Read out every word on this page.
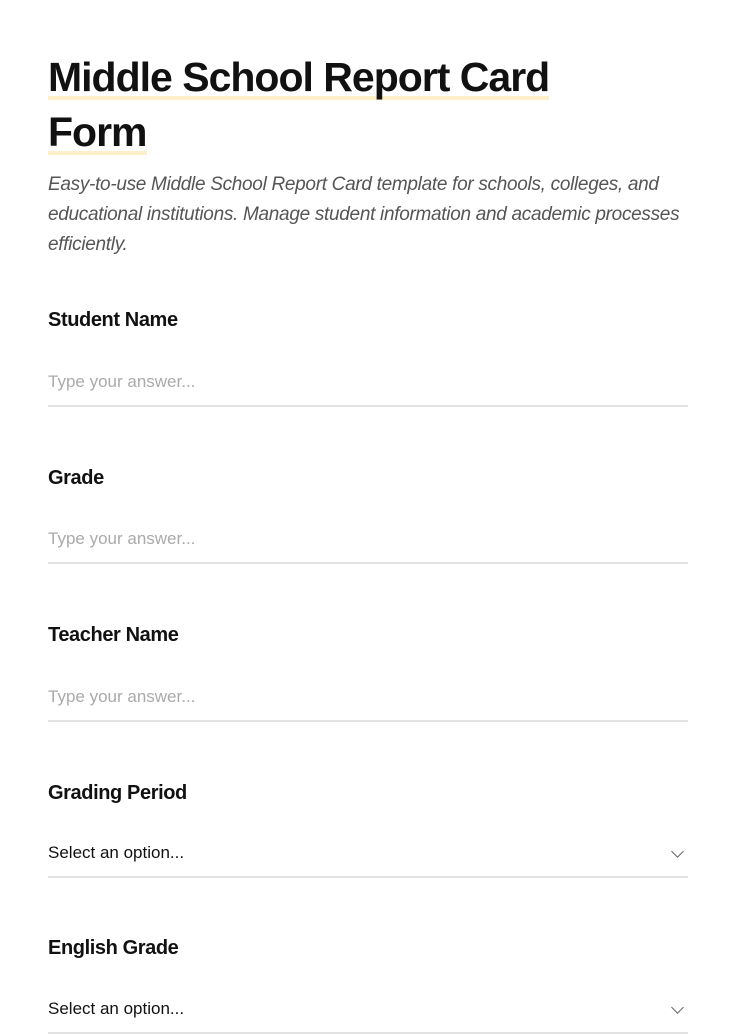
Middle School Report Card
Form
Easy-to-use Middle School Report Card template for schools, colleges, and educational institutions. Manage student information and academic processes efficiently.
Student Name
Type your answer...
Grade
Type your answer...
Teacher Name
Type your answer...
Grading Period
Select an option...
English Grade
Select an option...
